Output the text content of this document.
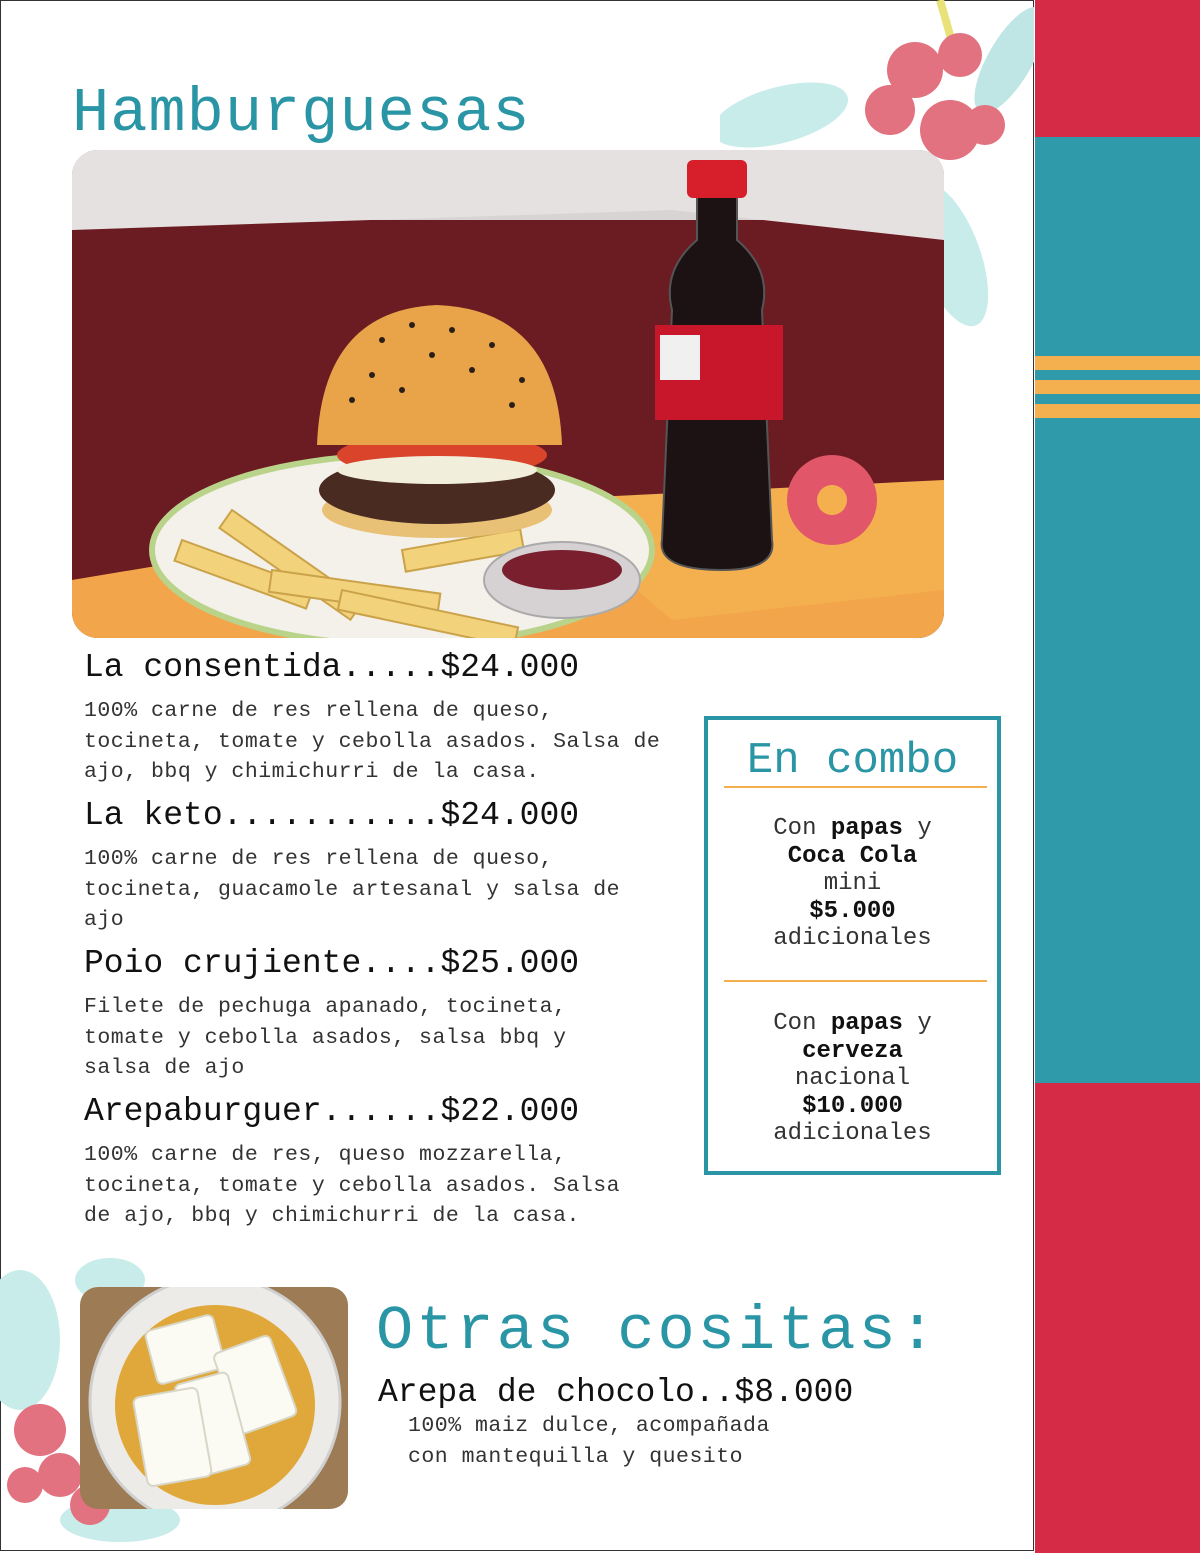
Hamburguesas
La consentida.....$24.000

100% carne de res rellena de queso, tocineta, tomate y cebolla asados. Salsa de ajo, bbq y chimichurri de la casa.

La keto...........$24.000

100% carne de res rellena de queso, tocineta, guacamole artesanal y salsa de ajo

Poio crujiente....$25.000

Filete de pechuga apanado, tocineta, tomate y cebolla asados, salsa bbq y salsa de ajo

Arepaburguer......$22.000

100% carne de res, queso mozzarella, tocineta, tomate y cebolla asados. Salsa de ajo, bbq y chimichurri de la casa.

En combo
Con papas y
Coca Cola
mini
$5.000
adicionales
Con papas y
cerveza
nacional
$10.000
adicionales
Otras cositas:
Arepa de chocolo..$8.000

100% maiz dulce, acompañada
con mantequilla y quesito
